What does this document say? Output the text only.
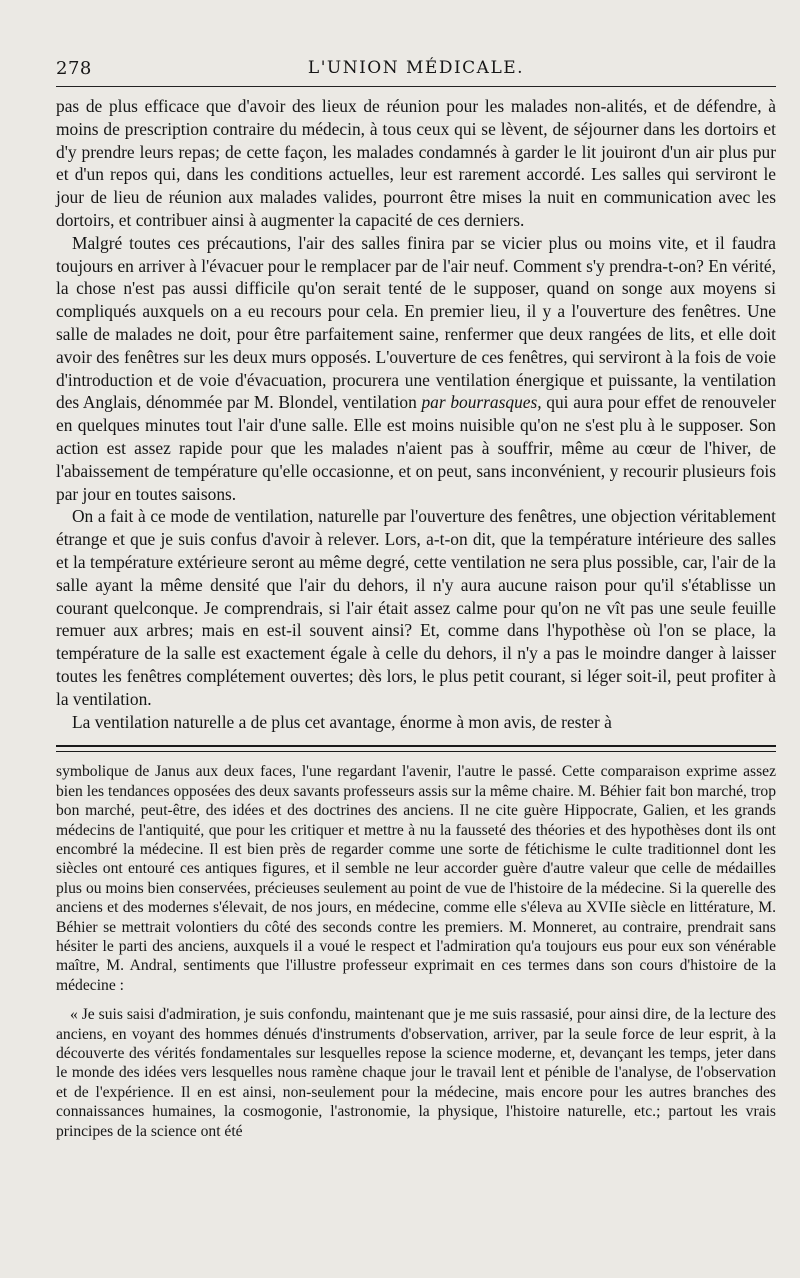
278	L'UNION MÉDICALE.

pas de plus efficace que d'avoir des lieux de réunion pour les malades non-alités, et de défendre, à moins de prescription contraire du médecin, à tous ceux qui se lèvent, de séjourner dans les dortoirs et d'y prendre leurs repas; de cette façon, les malades condamnés à garder le lit jouiront d'un air plus pur et d'un repos qui, dans les conditions actuelles, leur est rarement accordé. Les salles qui serviront le jour de lieu de réunion aux malades valides, pourront être mises la nuit en communication avec les dortoirs, et contribuer ainsi à augmenter la capacité de ces derniers.

Malgré toutes ces précautions, l'air des salles finira par se vicier plus ou moins vite, et il faudra toujours en arriver à l'évacuer pour le remplacer par de l'air neuf. Comment s'y prendra-t-on? En vérité, la chose n'est pas aussi difficile qu'on serait tenté de le supposer, quand on songe aux moyens si compliqués auxquels on a eu recours pour cela. En premier lieu, il y a l'ouverture des fenêtres. Une salle de malades ne doit, pour être parfaitement saine, renfermer que deux rangées de lits, et elle doit avoir des fenêtres sur les deux murs opposés. L'ouverture de ces fenêtres, qui serviront à la fois de voie d'introduction et de voie d'évacuation, procurera une ventilation énergique et puissante, la ventilation des Anglais, dénommée par M. Blondel, ventilation par bourrasques, qui aura pour effet de renouveler en quelques minutes tout l'air d'une salle. Elle est moins nuisible qu'on ne s'est plu à le supposer. Son action est assez rapide pour que les malades n'aient pas à souffrir, même au cœur de l'hiver, de l'abaissement de température qu'elle occasionne, et on peut, sans inconvénient, y recourir plusieurs fois par jour en toutes saisons.

On a fait à ce mode de ventilation, naturelle par l'ouverture des fenêtres, une objection véritablement étrange et que je suis confus d'avoir à relever. Lors, a-t-on dit, que la température intérieure des salles et la température extérieure seront au même degré, cette ventilation ne sera plus possible, car, l'air de la salle ayant la même densité que l'air du dehors, il n'y aura aucune raison pour qu'il s'établisse un courant quelconque. Je comprendrais, si l'air était assez calme pour qu'on ne vît pas une seule feuille remuer aux arbres; mais en est-il souvent ainsi? Et, comme dans l'hypothèse où l'on se place, la température de la salle est exactement égale à celle du dehors, il n'y a pas le moindre danger à laisser toutes les fenêtres complétement ouvertes; dès lors, le plus petit courant, si léger soit-il, peut profiter à la ventilation.

La ventilation naturelle a de plus cet avantage, énorme à mon avis, de rester à

symbolique de Janus aux deux faces, l'une regardant l'avenir, l'autre le passé. Cette comparaison exprime assez bien les tendances opposées des deux savants professeurs assis sur la même chaire. M. Béhier fait bon marché, trop bon marché, peut-être, des idées et des doctrines des anciens. Il ne cite guère Hippocrate, Galien, et les grands médecins de l'antiquité, que pour les critiquer et mettre à nu la fausseté des théories et des hypothèses dont ils ont encombré la médecine. Il est bien près de regarder comme une sorte de fétichisme le culte traditionnel dont les siècles ont entouré ces antiques figures, et il semble ne leur accorder guère d'autre valeur que celle de médailles plus ou moins bien conservées, précieuses seulement au point de vue de l'histoire de la médecine. Si la querelle des anciens et des modernes s'élevait, de nos jours, en médecine, comme elle s'éleva au XVIIe siècle en littérature, M. Béhier se mettrait volontiers du côté des seconds contre les premiers. M. Monneret, au contraire, prendrait sans hésiter le parti des anciens, auxquels il a voué le respect et l'admiration qu'a toujours eus pour eux son vénérable maître, M. Andral, sentiments que l'illustre professeur exprimait en ces termes dans son cours d'histoire de la médecine :

« Je suis saisi d'admiration, je suis confondu, maintenant que je me suis rassasié, pour ainsi dire, de la lecture des anciens, en voyant des hommes dénués d'instruments d'observation, arriver, par la seule force de leur esprit, à la découverte des vérités fondamentales sur lesquelles repose la science moderne, et, devançant les temps, jeter dans le monde des idées vers lesquelles nous ramène chaque jour le travail lent et pénible de l'analyse, de l'observation et de l'expérience. Il en est ainsi, non-seulement pour la médecine, mais encore pour les autres branches des connaissances humaines, la cosmogonie, l'astronomie, la physique, l'histoire naturelle, etc.; partout les vrais principes de la science ont été
